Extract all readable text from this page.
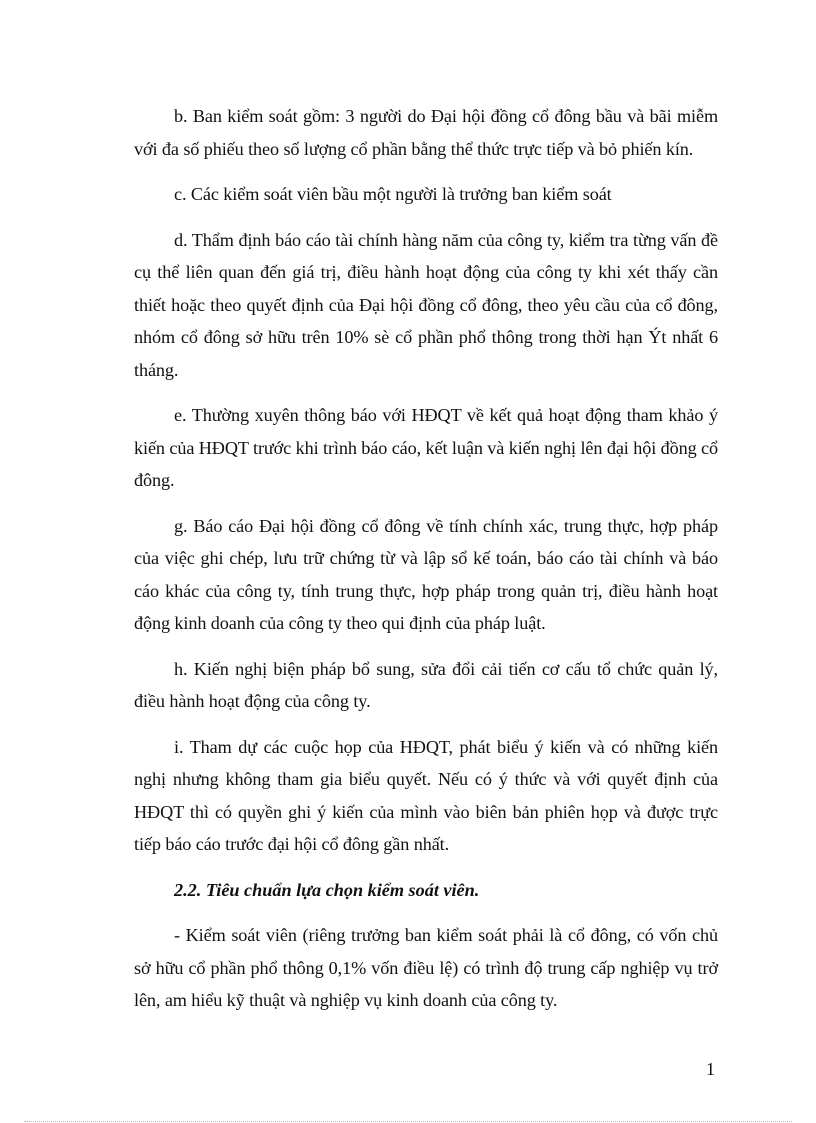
b. Ban kiểm soát gồm: 3 người do Đại hội đồng cổ đông bầu và bãi miễm với đa số phiếu theo số lượng cổ phần bằng thể thức trực tiếp và bỏ phiến kín.

c. Các kiểm soát viên bầu một người là trưởng ban kiểm soát

d. Thẩm định báo cáo tài chính hàng năm của công ty, kiểm tra từng vấn đề cụ thể liên quan đến giá trị, điều hành hoạt động của công ty khi xét thấy cần thiết hoặc theo quyết định của Đại hội đồng cổ đông, theo yêu cầu của cổ đông, nhóm cổ đông sở hữu trên 10% sè cổ phần phổ thông trong thời hạn Ýt nhất 6 tháng.

e. Thường xuyên thông báo với HĐQT về kết quả hoạt động tham khảo ý kiến của HĐQT trước khi trình báo cáo, kết luận và kiến nghị lên đại hội đồng cổ đông.

g. Báo cáo Đại hội đồng cổ đông về tính chính xác, trung thực, hợp pháp của việc ghi chép, lưu trữ chứng từ và lập sổ kế toán, báo cáo tài chính và báo cáo khác của công ty, tính trung thực, hợp pháp trong quản trị, điều hành hoạt động kinh doanh của công ty theo qui định của pháp luật.

h. Kiến nghị biện pháp bổ sung, sửa đổi cải tiến cơ cấu tổ chức quản lý, điều hành hoạt động của công ty.

i. Tham dự các cuộc họp của HĐQT, phát biểu ý kiến và có những kiến nghị nhưng không tham gia biểu quyết. Nếu có ý thức và với quyết định của HĐQT thì có quyền ghi ý kiến của mình vào biên bản phiên họp và được trực tiếp báo cáo trước đại hội cổ đông gần nhất.

2.2. Tiêu chuẩn lựa chọn kiểm soát viên.

- Kiểm soát viên (riêng trưởng ban kiểm soát phải là cổ đông, có vốn chủ sở hữu cổ phần phổ thông 0,1% vốn điều lệ) có trình độ trung cấp nghiệp vụ trở lên, am hiểu kỹ thuật và nghiệp vụ kinh doanh của công ty.

1
